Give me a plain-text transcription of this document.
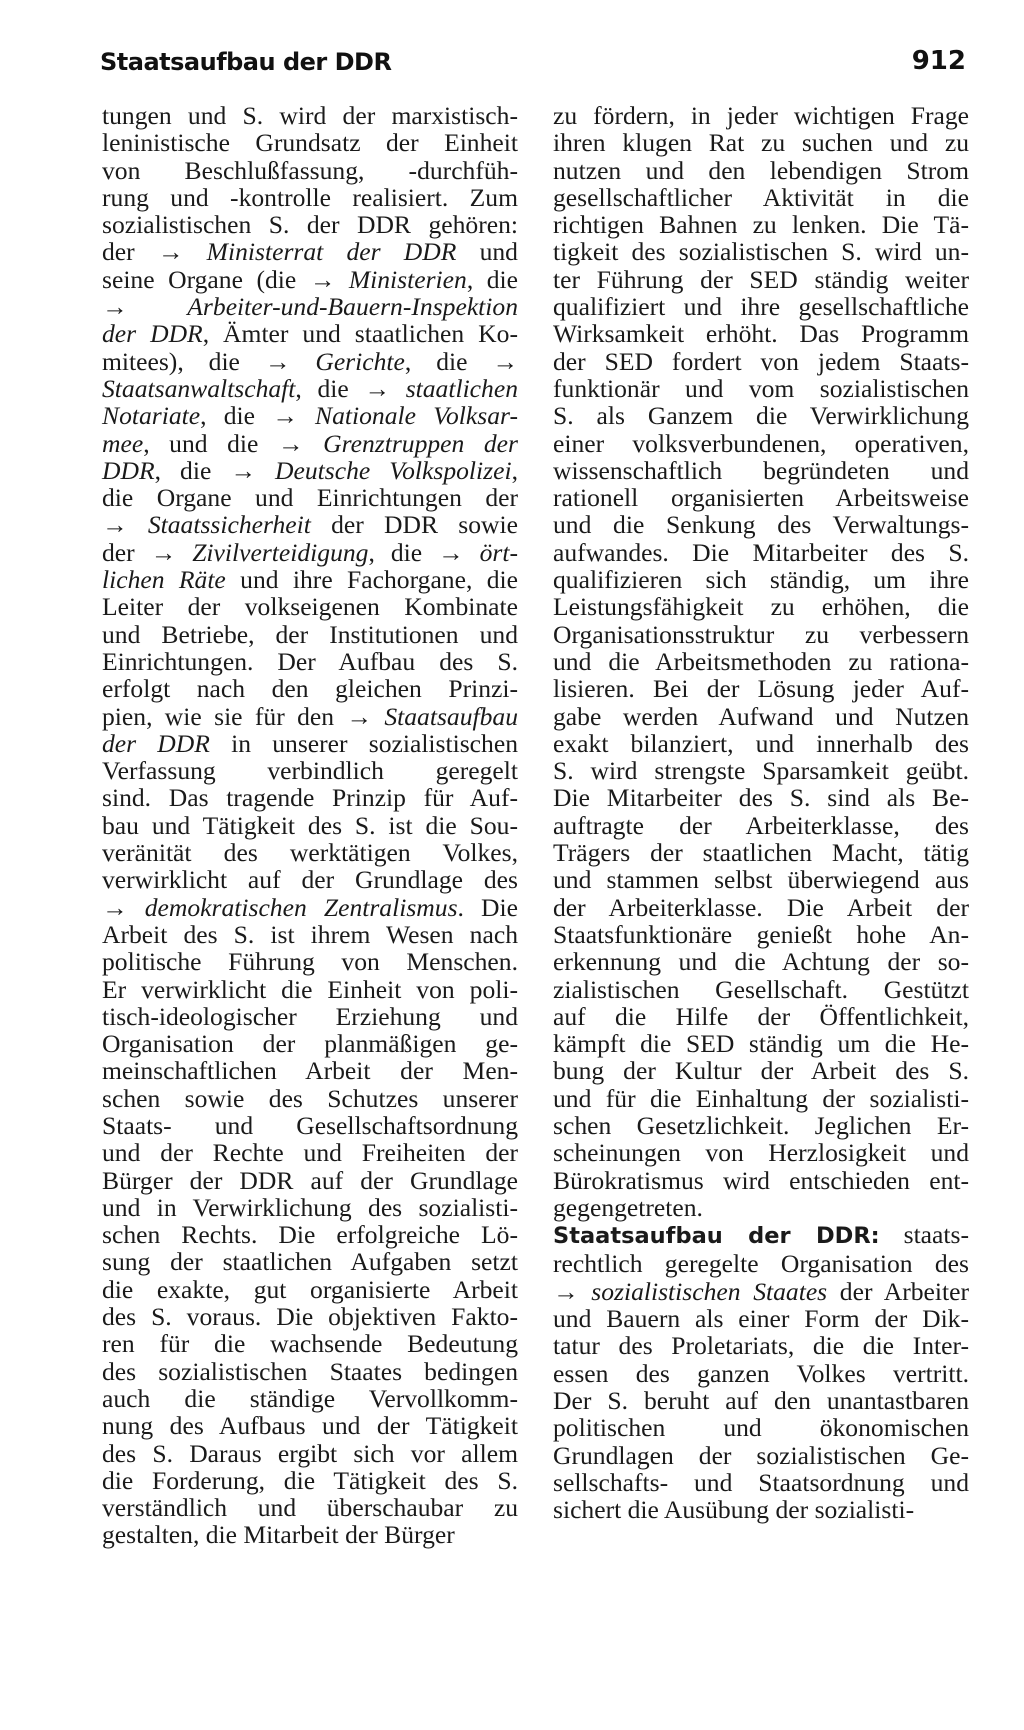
Staatsaufbau der DDR	912

tungen und S. wird der marxistisch-
leninistische Grundsatz der Einheit
von Beschlußfassung, -durchfüh-
rung und -kontrolle realisiert. Zum
sozialistischen S. der DDR gehören:
der → Ministerrat der DDR und
seine Organe (die → Ministerien, die
→ Arbeiter-und-Bauern-Inspektion
der DDR, Ämter und staatlichen Ko-
mitees), die → Gerichte, die →
Staatsanwaltschaft, die → staatlichen
Notariate, die → Nationale Volksar-
mee, und die → Grenztruppen der
DDR, die → Deutsche Volkspolizei,
die Organe und Einrichtungen der
→ Staatssicherheit der DDR sowie
der → Zivilverteidigung, die → ört-
lichen Räte und ihre Fachorgane, die
Leiter der volkseigenen Kombinate
und Betriebe, der Institutionen und
Einrichtungen. Der Aufbau des S.
erfolgt nach den gleichen Prinzi-
pien, wie sie für den → Staatsaufbau
der DDR in unserer sozialistischen
Verfassung verbindlich geregelt
sind. Das tragende Prinzip für Auf-
bau und Tätigkeit des S. ist die Sou-
veränität des werktätigen Volkes,
verwirklicht auf der Grundlage des
→ demokratischen Zentralismus. Die
Arbeit des S. ist ihrem Wesen nach
politische Führung von Menschen.
Er verwirklicht die Einheit von poli-
tisch-ideologischer Erziehung und
Organisation der planmäßigen ge-
meinschaftlichen Arbeit der Men-
schen sowie des Schutzes unserer
Staats- und Gesellschaftsordnung
und der Rechte und Freiheiten der
Bürger der DDR auf der Grundlage
und in Verwirklichung des sozialisti-
schen Rechts. Die erfolgreiche Lö-
sung der staatlichen Aufgaben setzt
die exakte, gut organisierte Arbeit
des S. voraus. Die objektiven Fakto-
ren für die wachsende Bedeutung
des sozialistischen Staates bedingen
auch die ständige Vervollkomm-
nung des Aufbaus und der Tätigkeit
des S. Daraus ergibt sich vor allem
die Forderung, die Tätigkeit des S.
verständlich und überschaubar zu
gestalten, die Mitarbeit der Bürger

zu fördern, in jeder wichtigen Frage
ihren klugen Rat zu suchen und zu
nutzen und den lebendigen Strom
gesellschaftlicher Aktivität in die
richtigen Bahnen zu lenken. Die Tä-
tigkeit des sozialistischen S. wird un-
ter Führung der SED ständig weiter
qualifiziert und ihre gesellschaftliche
Wirksamkeit erhöht. Das Programm
der SED fordert von jedem Staats-
funktionär und vom sozialistischen
S. als Ganzem die Verwirklichung
einer volksverbundenen, operativen,
wissenschaftlich begründeten und
rationell organisierten Arbeitsweise
und die Senkung des Verwaltungs-
aufwandes. Die Mitarbeiter des S.
qualifizieren sich ständig, um ihre
Leistungsfähigkeit zu erhöhen, die
Organisationsstruktur zu verbessern
und die Arbeitsmethoden zu rationa-
lisieren. Bei der Lösung jeder Auf-
gabe werden Aufwand und Nutzen
exakt bilanziert, und innerhalb des
S. wird strengste Sparsamkeit geübt.
Die Mitarbeiter des S. sind als Be-
auftragte der Arbeiterklasse, des
Trägers der staatlichen Macht, tätig
und stammen selbst überwiegend aus
der Arbeiterklasse. Die Arbeit der
Staatsfunktionäre genießt hohe An-
erkennung und die Achtung der so-
zialistischen Gesellschaft. Gestützt
auf die Hilfe der Öffentlichkeit,
kämpft die SED ständig um die He-
bung der Kultur der Arbeit des S.
und für die Einhaltung der sozialisti-
schen Gesetzlichkeit. Jeglichen Er-
scheinungen von Herzlosigkeit und
Bürokratismus wird entschieden ent-
gegengetreten.

Staatsaufbau der DDR: staats-
rechtlich geregelte Organisation des
→ sozialistischen Staates der Arbeiter
und Bauern als einer Form der Dik-
tatur des Proletariats, die die Inter-
essen des ganzen Volkes vertritt.
Der S. beruht auf den unantastbaren
politischen und ökonomischen
Grundlagen der sozialistischen Ge-
sellschafts- und Staatsordnung und
sichert die Ausübung der sozialisti-
